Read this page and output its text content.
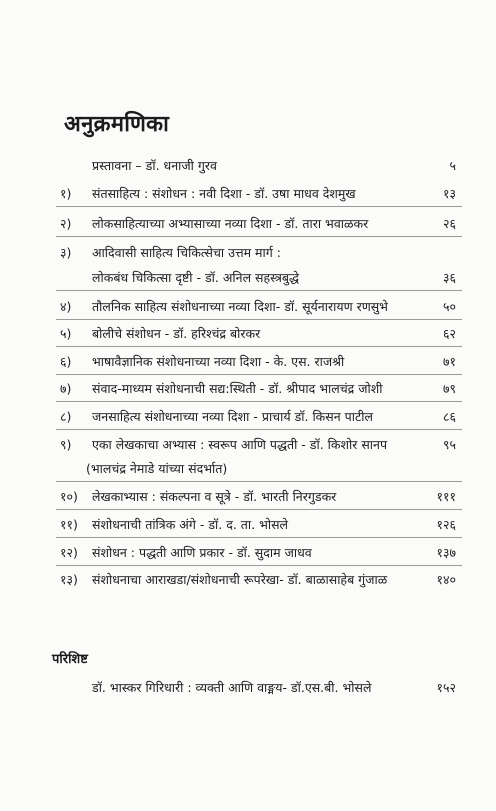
अनुक्रमणिका
प्रस्तावना – डॉ. धनाजी गुरव	५
१) संतसाहित्य : संशोधन : नवी दिशा - डॉ. उषा माधव देशमुख	१३
२) लोकसाहित्याच्या अभ्यासाच्या नव्या दिशा - डॉ. तारा भवाळकर	२६
३) आदिवासी साहित्य चिकित्सेचा उत्तम मार्ग :
लोकबंध चिकित्सा दृष्टी - डॉ. अनिल सहस्त्रबुद्धे	३६
४) तौलनिक साहित्य संशोधनाच्या नव्या दिशा- डॉ. सूर्यनारायण रणसुभे	५०
५) बोलीचे संशोधन - डॉ. हरिश्चंद्र बोरकर	६२
६) भाषावैज्ञानिक संशोधनाच्या नव्या दिशा - के. एस. राजश्री	७१
७) संवाद-माध्यम संशोधनाची सद्य:स्थिती - डॉ. श्रीपाद भालचंद्र जोशी	७९
८) जनसाहित्य संशोधनाच्या नव्या दिशा - प्राचार्य डॉ. किसन पाटील	८६
९) एका लेखकाचा अभ्यास : स्वरूप आणि पद्धती - डॉ. किशोर सानप	९५
(भालचंद्र नेमाडे यांच्या संदर्भात)
१०) लेखकाभ्यास : संकल्पना व सूत्रे - डॉ. भारती निरगुडकर	१११
११) संशोधनाची तांत्रिक अंगे - डॉ. द. ता. भोसले	१२६
१२) संशोधन : पद्धती आणि प्रकार - डॉ. सुदाम जाधव	१३७
१३) संशोधनाचा आराखडा/संशोधनाची रूपरेखा- डॉ. बाळासाहेब गुंजाळ	१४०
परिशिष्ट
डॉ. भास्कर गिरिधारी : व्यक्ती आणि वाङ्मय- डॉ.एस.बी. भोसले	१५२
